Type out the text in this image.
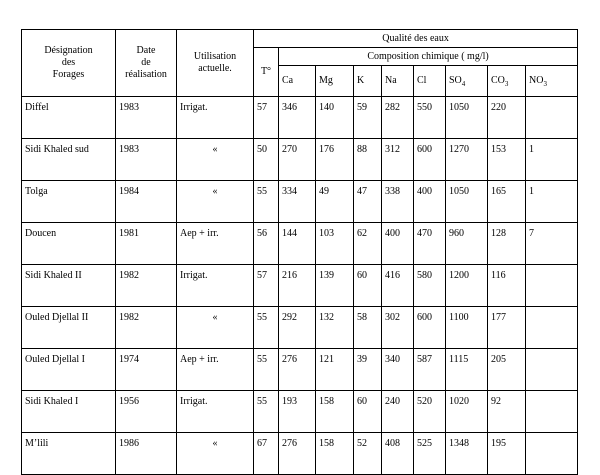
Désignation
des
Forages	Date
de
réalisation	Utilisation
actuelle.	Qualité des eaux								
			T°	Composition chimique ( mg/l)							
				Ca	Mg	K	Na	Cl	$SO_4$	$CO_3$	$NO_3$
Diffel	1983	Irrigat.	57	346	140	59	282	550	1050	220	
Sidi Khaled sud	1983	«	50	270	176	88	312	600	1270	153	1
Tolga	1984	«	55	334	49	47	338	400	1050	165	1
Doucen	1981	Aep + irr.	56	144	103	62	400	470	960	128	7
Sidi Khaled II	1982	Irrigat.	57	216	139	60	416	580	1200	116	
Ouled Djellal II	1982	«	55	292	132	58	302	600	1100	177	
Ouled Djellal I	1974	Aep + irr.	55	276	121	39	340	587	1115	205	
Sidi Khaled I	1956	Irrigat.	55	193	158	60	240	520	1020	92	
M’lili	1986	«	67	276	158	52	408	525	1348	195	
